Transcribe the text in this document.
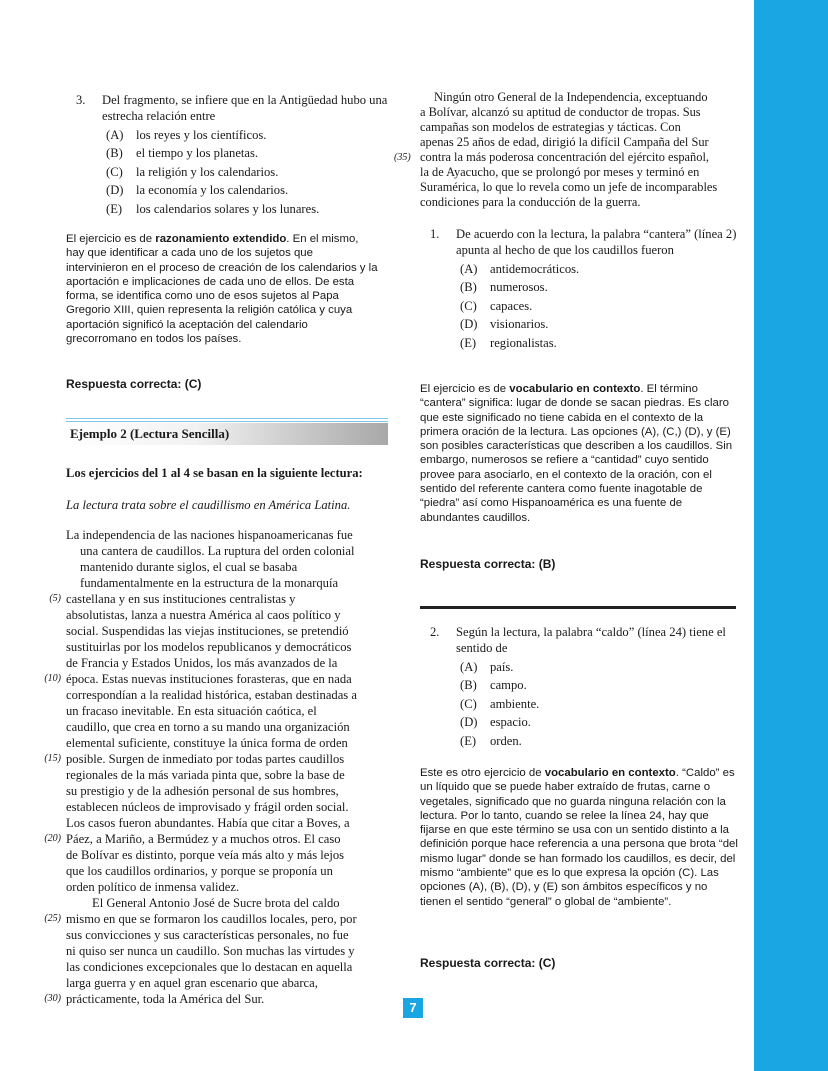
3.	Del fragmento, se infiere que en la Antigüedad hubo una estrecha relación entre
(A) los reyes y los científicos.
(B)	el tiempo y los planetas.
(C)	la religión y los calendarios.
(D) la economía y los calendarios.
(E)	los calendarios solares y los lunares.
El ejercicio es de razonamiento extendido. En el mismo, hay que identificar a cada uno de los sujetos que intervinieron en el proceso de creación de los calendarios y la aportación e implicaciones de cada uno de ellos. De esta forma, se identifica como uno de esos sujetos al Papa Gregorio XIII, quien representa la religión católica y cuya aportación significó la aceptación del calendario grecorromano en todos los países.
Respuesta correcta: (C)
Ejemplo 2 (Lectura Sencilla)
Los ejercicios del 1 al 4 se basan en la siguiente lectura:
La lectura trata sobre el caudillismo en América Latina.
La independencia de las naciones hispanoamericanas fue
una cantera de caudillos. La ruptura del orden colonial
mantenido durante siglos, el cual se basaba
fundamentalmente en la estructura de la monarquía
(5) castellana y en sus instituciones centralistas y
absolutistas, lanza a nuestra América al caos político y
social. Suspendidas las viejas instituciones, se pretendió
sustituirlas por los modelos republicanos y democráticos
de Francia y Estados Unidos, los más avanzados de la
(10) época. Estas nuevas instituciones forasteras, que en nada
correspondían a la realidad histórica, estaban destinadas a
un fracaso inevitable. En esta situación caótica, el
caudillo, que crea en torno a su mando una organización
elemental suficiente, constituye la única forma de orden
(15) posible. Surgen de inmediato por todas partes caudillos
regionales de la más variada pinta que, sobre la base de
su prestigio y de la adhesión personal de sus hombres,
establecen núcleos de improvisado y frágil orden social.
Los casos fueron abundantes. Había que citar a Boves, a
(20) Páez, a Mariño, a Bermúdez y a muchos otros. El caso
de Bolívar es distinto, porque veía más alto y más lejos
que los caudillos ordinarios, y porque se proponía un
orden político de inmensa validez.
El General Antonio José de Sucre brota del caldo
(25) mismo en que se formaron los caudillos locales, pero, por
sus convicciones y sus características personales, no fue
ni quiso ser nunca un caudillo. Son muchas las virtudes y
las condiciones excepcionales que lo destacan en aquella
larga guerra y en aquel gran escenario que abarca,
(30) prácticamente, toda la América del Sur.
Ningún otro General de la Independencia, exceptuando
a Bolívar, alcanzó su aptitud de conductor de tropas. Sus
campañas son modelos de estrategias y tácticas. Con
apenas 25 años de edad, dirigió la difícil Campaña del Sur
(35) contra la más poderosa concentración del ejército español,
la de Ayacucho, que se prolongó por meses y terminó en
Suramérica, lo que lo revela como un jefe de incomparables
condiciones para la conducción de la guerra.
1.	De acuerdo con la lectura, la palabra “cantera” (línea 2) apunta al hecho de que los caudillos fueron
(A) antidemocráticos.
(B)	numerosos.
(C)	capaces.
(D) visionarios.
(E)	regionalistas.
El ejercicio es de vocabulario en contexto. El término “cantera” significa: lugar de donde se sacan piedras. Es claro que este significado no tiene cabida en el contexto de la primera oración de la lectura. Las opciones (A), (C,) (D), y (E) son posibles características que describen a los caudillos. Sin embargo, numerosos se refiere a “cantidad” cuyo sentido provee para asociarlo, en el contexto de la oración, con el sentido del referente cantera como fuente inagotable de “piedra” así como Hispanoamérica es una fuente de abundantes caudillos.
Respuesta correcta: (B)
2.	Según la lectura, la palabra “caldo” (línea 24) tiene el sentido de
(A) país.
(B)	campo.
(C)	ambiente.
(D) espacio.
(E)	orden.
Este es otro ejercicio de vocabulario en contexto. “Caldo” es un líquido que se puede haber extraído de frutas, carne o vegetales, significado que no guarda ninguna relación con la lectura. Por lo tanto, cuando se relee la línea 24, hay que fijarse en que este término se usa con un sentido distinto a la definición porque hace referencia a una persona que brota “del mismo lugar” donde se han formado los caudillos, es decir, del mismo “ambiente” que es lo que expresa la opción (C). Las opciones (A), (B), (D), y (E) son ámbitos específicos y no tienen el sentido “general” o global de “ambiente”.
Respuesta correcta: (C)
7
